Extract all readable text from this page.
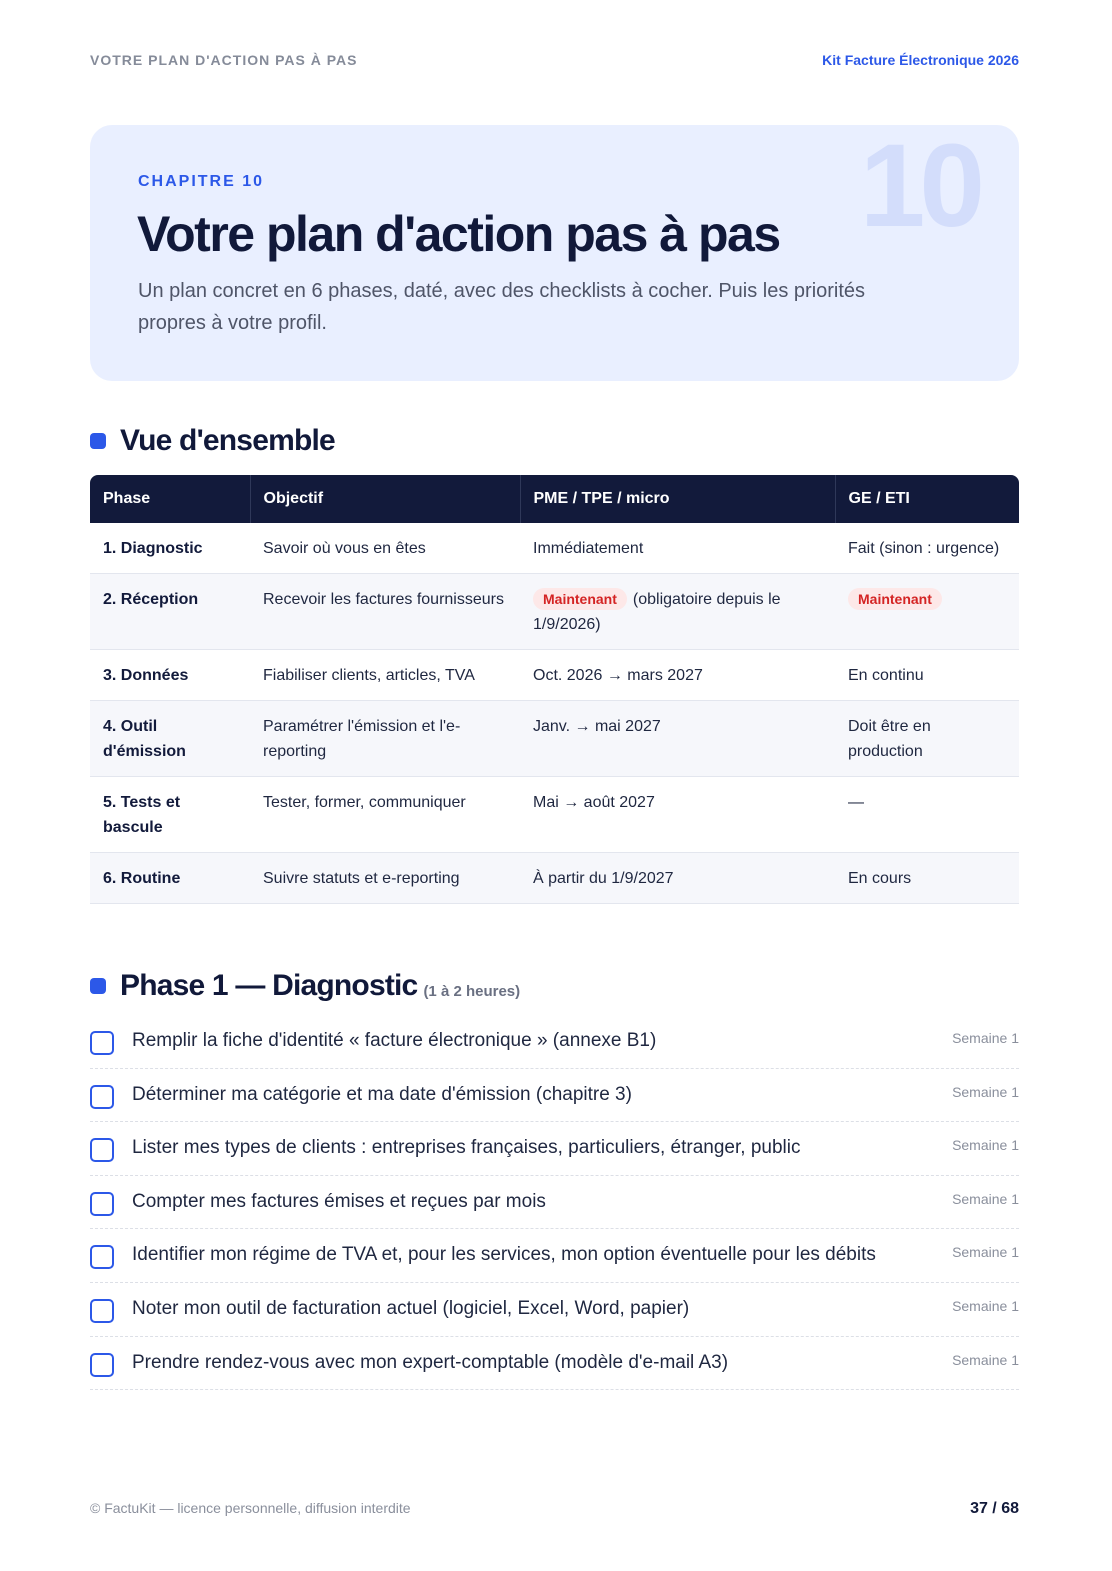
VOTRE PLAN D'ACTION PAS À PAS	Kit Facture Électronique 2026
10
CHAPITRE 10
Votre plan d'action pas à pas
Un plan concret en 6 phases, daté, avec des checklists à cocher. Puis les priorités propres à votre profil.
Vue d'ensemble
Phase	Objectif	PME / TPE / micro	GE / ETI
1. Diagnostic	Savoir où vous en êtes	Immédiatement	Fait (sinon : urgence)
2. Réception	Recevoir les factures fournisseurs	Maintenant (obligatoire depuis le 1/9/2026)	Maintenant
3. Données	Fiabiliser clients, articles, TVA	Oct. 2026 → mars 2027	En continu
4. Outil d'émission	Paramétrer l'émission et l'e-reporting	Janv. → mai 2027	Doit être en production
5. Tests et bascule	Tester, former, communiquer	Mai → août 2027	—
6. Routine	Suivre statuts et e-reporting	À partir du 1/9/2027	En cours
Phase 1 — Diagnostic (1 à 2 heures)
Remplir la fiche d'identité « facture électronique » (annexe B1)	Semaine 1
Déterminer ma catégorie et ma date d'émission (chapitre 3)	Semaine 1
Lister mes types de clients : entreprises françaises, particuliers, étranger, public	Semaine 1
Compter mes factures émises et reçues par mois	Semaine 1
Identifier mon régime de TVA et, pour les services, mon option éventuelle pour les débits	Semaine 1
Noter mon outil de facturation actuel (logiciel, Excel, Word, papier)	Semaine 1
Prendre rendez-vous avec mon expert-comptable (modèle d'e-mail A3)	Semaine 1
© FactuKit — licence personnelle, diffusion interdite	37 / 68
